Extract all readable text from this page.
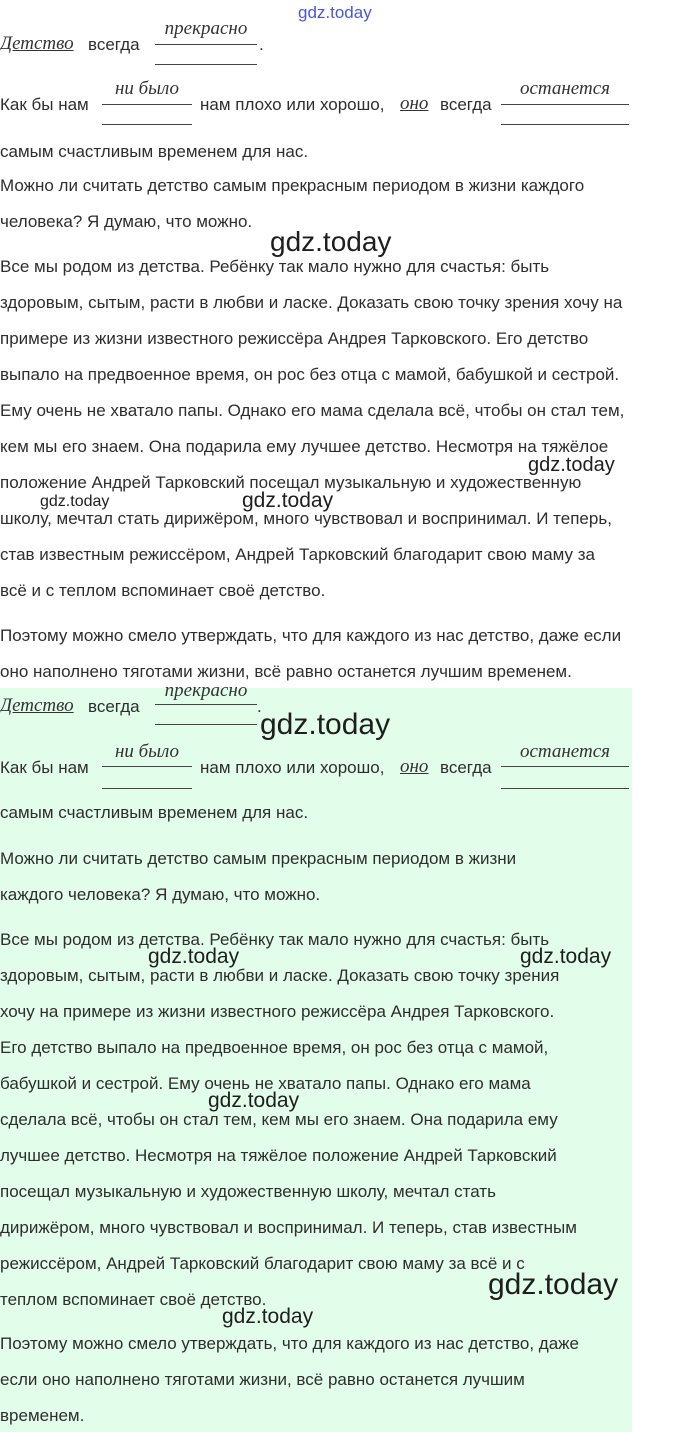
Детство всегда
прекрасно
.
Как бы нам
ни было
нам плохо или хорошо, оно всегда
останется
самым счастливым временем для нас.
Можно ли считать детство самым прекрасным периодом в жизни каждого
человека? Я думаю, что можно.
Все мы родом из детства. Ребёнку так мало нужно для счастья: быть
здоровым, сытым, расти в любви и ласке. Доказать свою точку зрения хочу на
примере из жизни известного режиссёра Андрея Тарковского. Его детство
выпало на предвоенное время, он рос без отца с мамой, бабушкой и сестрой.
Ему очень не хватало папы. Однако его мама сделала всё, чтобы он стал тем,
кем мы его знаем. Она подарила ему лучшее детство. Несмотря на тяжёлое
положение Андрей Тарковский посещал музыкальную и художественную
школу, мечтал стать дирижёром, много чувствовал и воспринимал. И теперь,
став известным режиссёром, Андрей Тарковский благодарит свою маму за
всё и с теплом вспоминает своё детство.
Поэтому можно смело утверждать, что для каждого из нас детство, даже если
оно наполнено тяготами жизни, всё равно останется лучшим временем.
Детство всегда
прекрасно
.
Как бы нам
ни было
нам плохо или хорошо, оно всегда
останется
самым счастливым временем для нас.
Можно ли считать детство самым прекрасным периодом в жизни
каждого человека? Я думаю, что можно.
Все мы родом из детства. Ребёнку так мало нужно для счастья: быть
здоровым, сытым, расти в любви и ласке. Доказать свою точку зрения
хочу на примере из жизни известного режиссёра Андрея Тарковского.
Его детство выпало на предвоенное время, он рос без отца с мамой,
бабушкой и сестрой. Ему очень не хватало папы. Однако его мама
сделала всё, чтобы он стал тем, кем мы его знаем. Она подарила ему
лучшее детство. Несмотря на тяжёлое положение Андрей Тарковский
посещал музыкальную и художественную школу, мечтал стать
дирижёром, много чувствовал и воспринимал. И теперь, став известным
режиссёром, Андрей Тарковский благодарит свою маму за всё и с
теплом вспоминает своё детство.
Поэтому можно смело утверждать, что для каждого из нас детство, даже
если оно наполнено тяготами жизни, всё равно останется лучшим
временем.
gdz.today
gdz.today
gdz.today
gdz.today	gdz.today
gdz.today
gdz.today	gdz.today
gdz.today
gdz.today
gdz.today
